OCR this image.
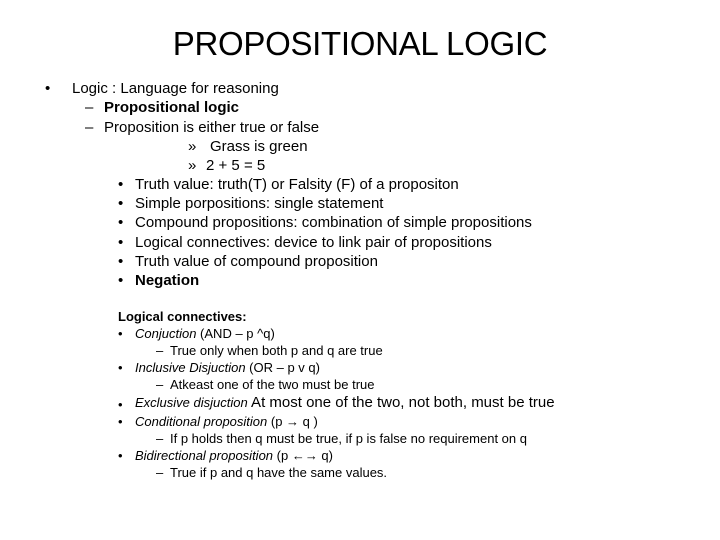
PROPOSITIONAL LOGIC
• Logic : Language for reasoning
– Propositional logic
– Proposition is either true or false
» Grass is green
» 2 + 5 = 5
• Truth value: truth(T) or Falsity (F) of a propositon
• Simple porpositions: single statement
• Compound propositions: combination of simple propositions
• Logical connectives: device to link pair of propositions
• Truth value of compound proposition
• Negation
Logical connectives:
• Conjuction (AND – p ^q)
– True only when both p and q are true
• Inclusive Disjuction (OR – p v q)
– Atkeast one of the two must be true
• Exclusive disjuction At most one of the two, not both, must be true
• Conditional proposition (p → q )
– If p holds then q must be true, if p is false no requirement on q
• Bidirectional proposition (p ←→ q)
– True if p and q have the same values.
